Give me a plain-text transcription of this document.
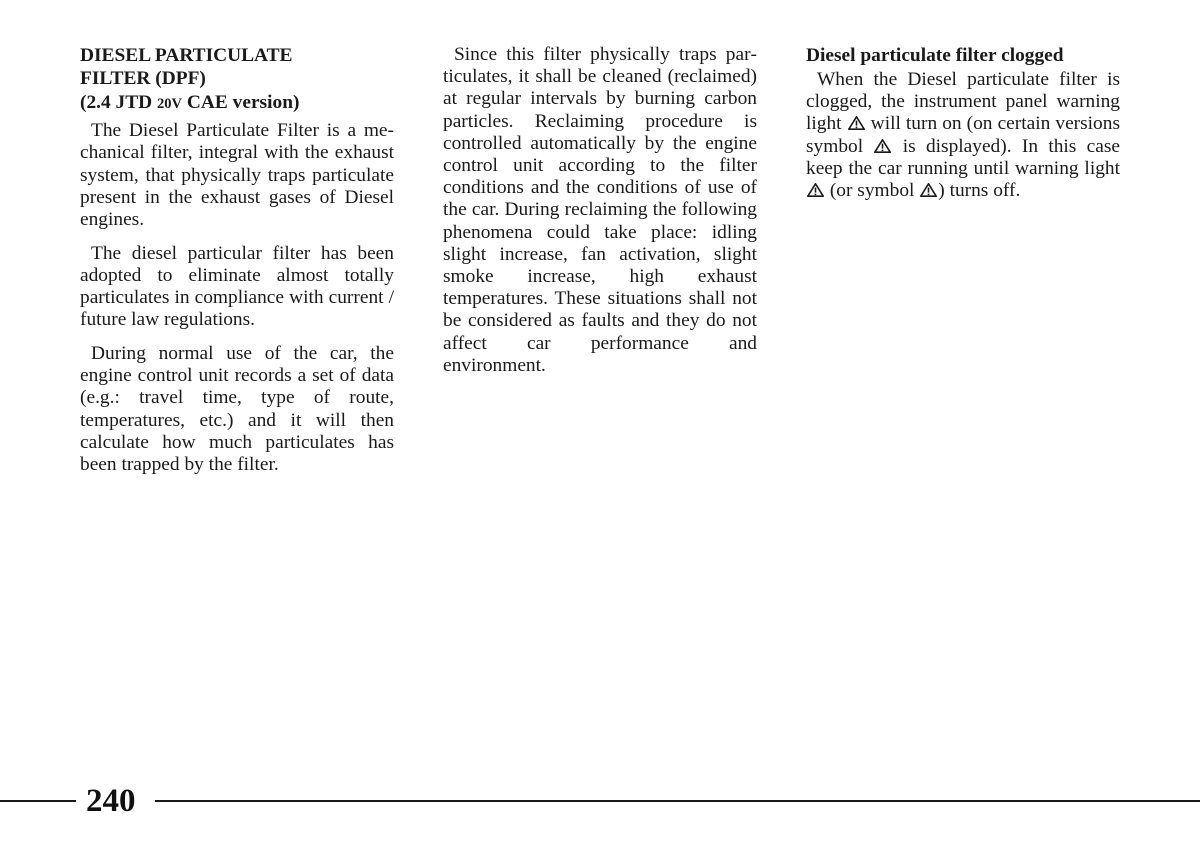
DIESEL PARTICULATE
FILTER (DPF)
(2.4 JTD 20V CAE version)

The Diesel Particulate Filter is a mechanical filter, integral with the exhaust system, that physically traps particulate present in the exhaust gases of Diesel engines.

The diesel particular filter has been adopted to eliminate almost totally particulates in compliance with current / future law regulations.

During normal use of the car, the engine control unit records a set of data (e.g.: travel time, type of route, temperatures, etc.) and it will then calculate how much particulates has been trapped by the filter.

Since this filter physically traps particulates, it shall be cleaned (reclaimed) at regular intervals by burning carbon particles. Reclaiming procedure is controlled automatically by the engine control unit according to the filter conditions and the conditions of use of the car. During reclaiming the following phenomena could take place: idling slight increase, fan activation, slight smoke increase, high exhaust temperatures. These situations shall not be considered as faults and they do not affect car performance and environment.

Diesel particulate filter clogged

When the Diesel particulate filter is clogged, the instrument panel warning light
will turn on (on certain versions symbol
is displayed). In this case keep the car running until warning light
(or symbol
) turns off.

240
